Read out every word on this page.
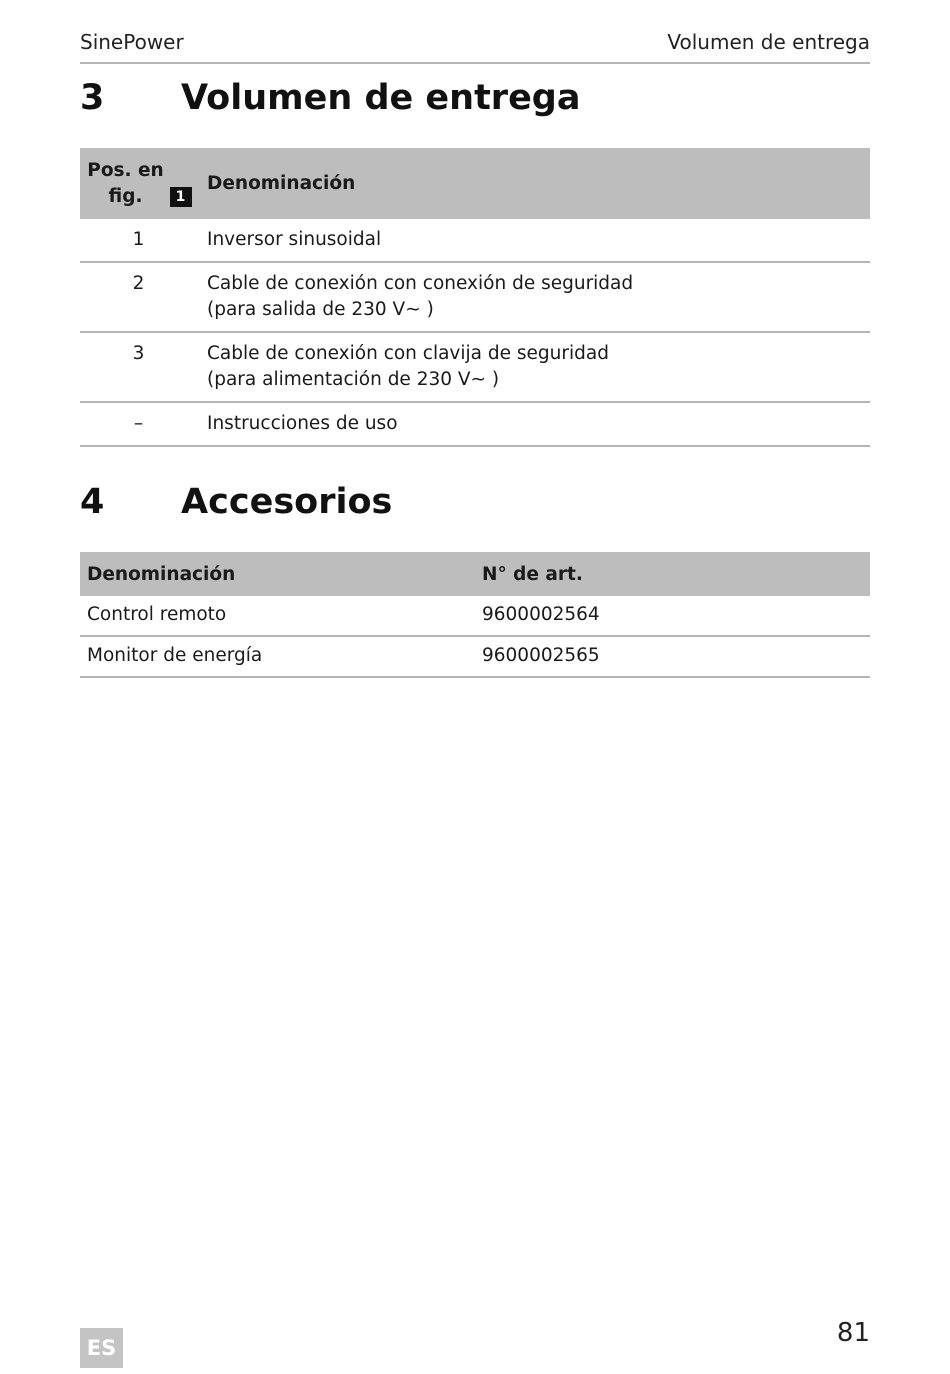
SinePower	Volumen de entrega
3	Volumen de entrega
Pos. en fig. 1	Denominación
1	Inversor sinusoidal

2	Cable de conexión con conexión de seguridad
(para salida de 230 V∼ )

3	Cable de conexión con clavija de seguridad
(para alimentación de 230 V∼ )

–	Instrucciones de uso
4	Accesorios
Denominación	N° de art.
Control remoto	9600002564
Monitor de energía	9600002565
ES	81
